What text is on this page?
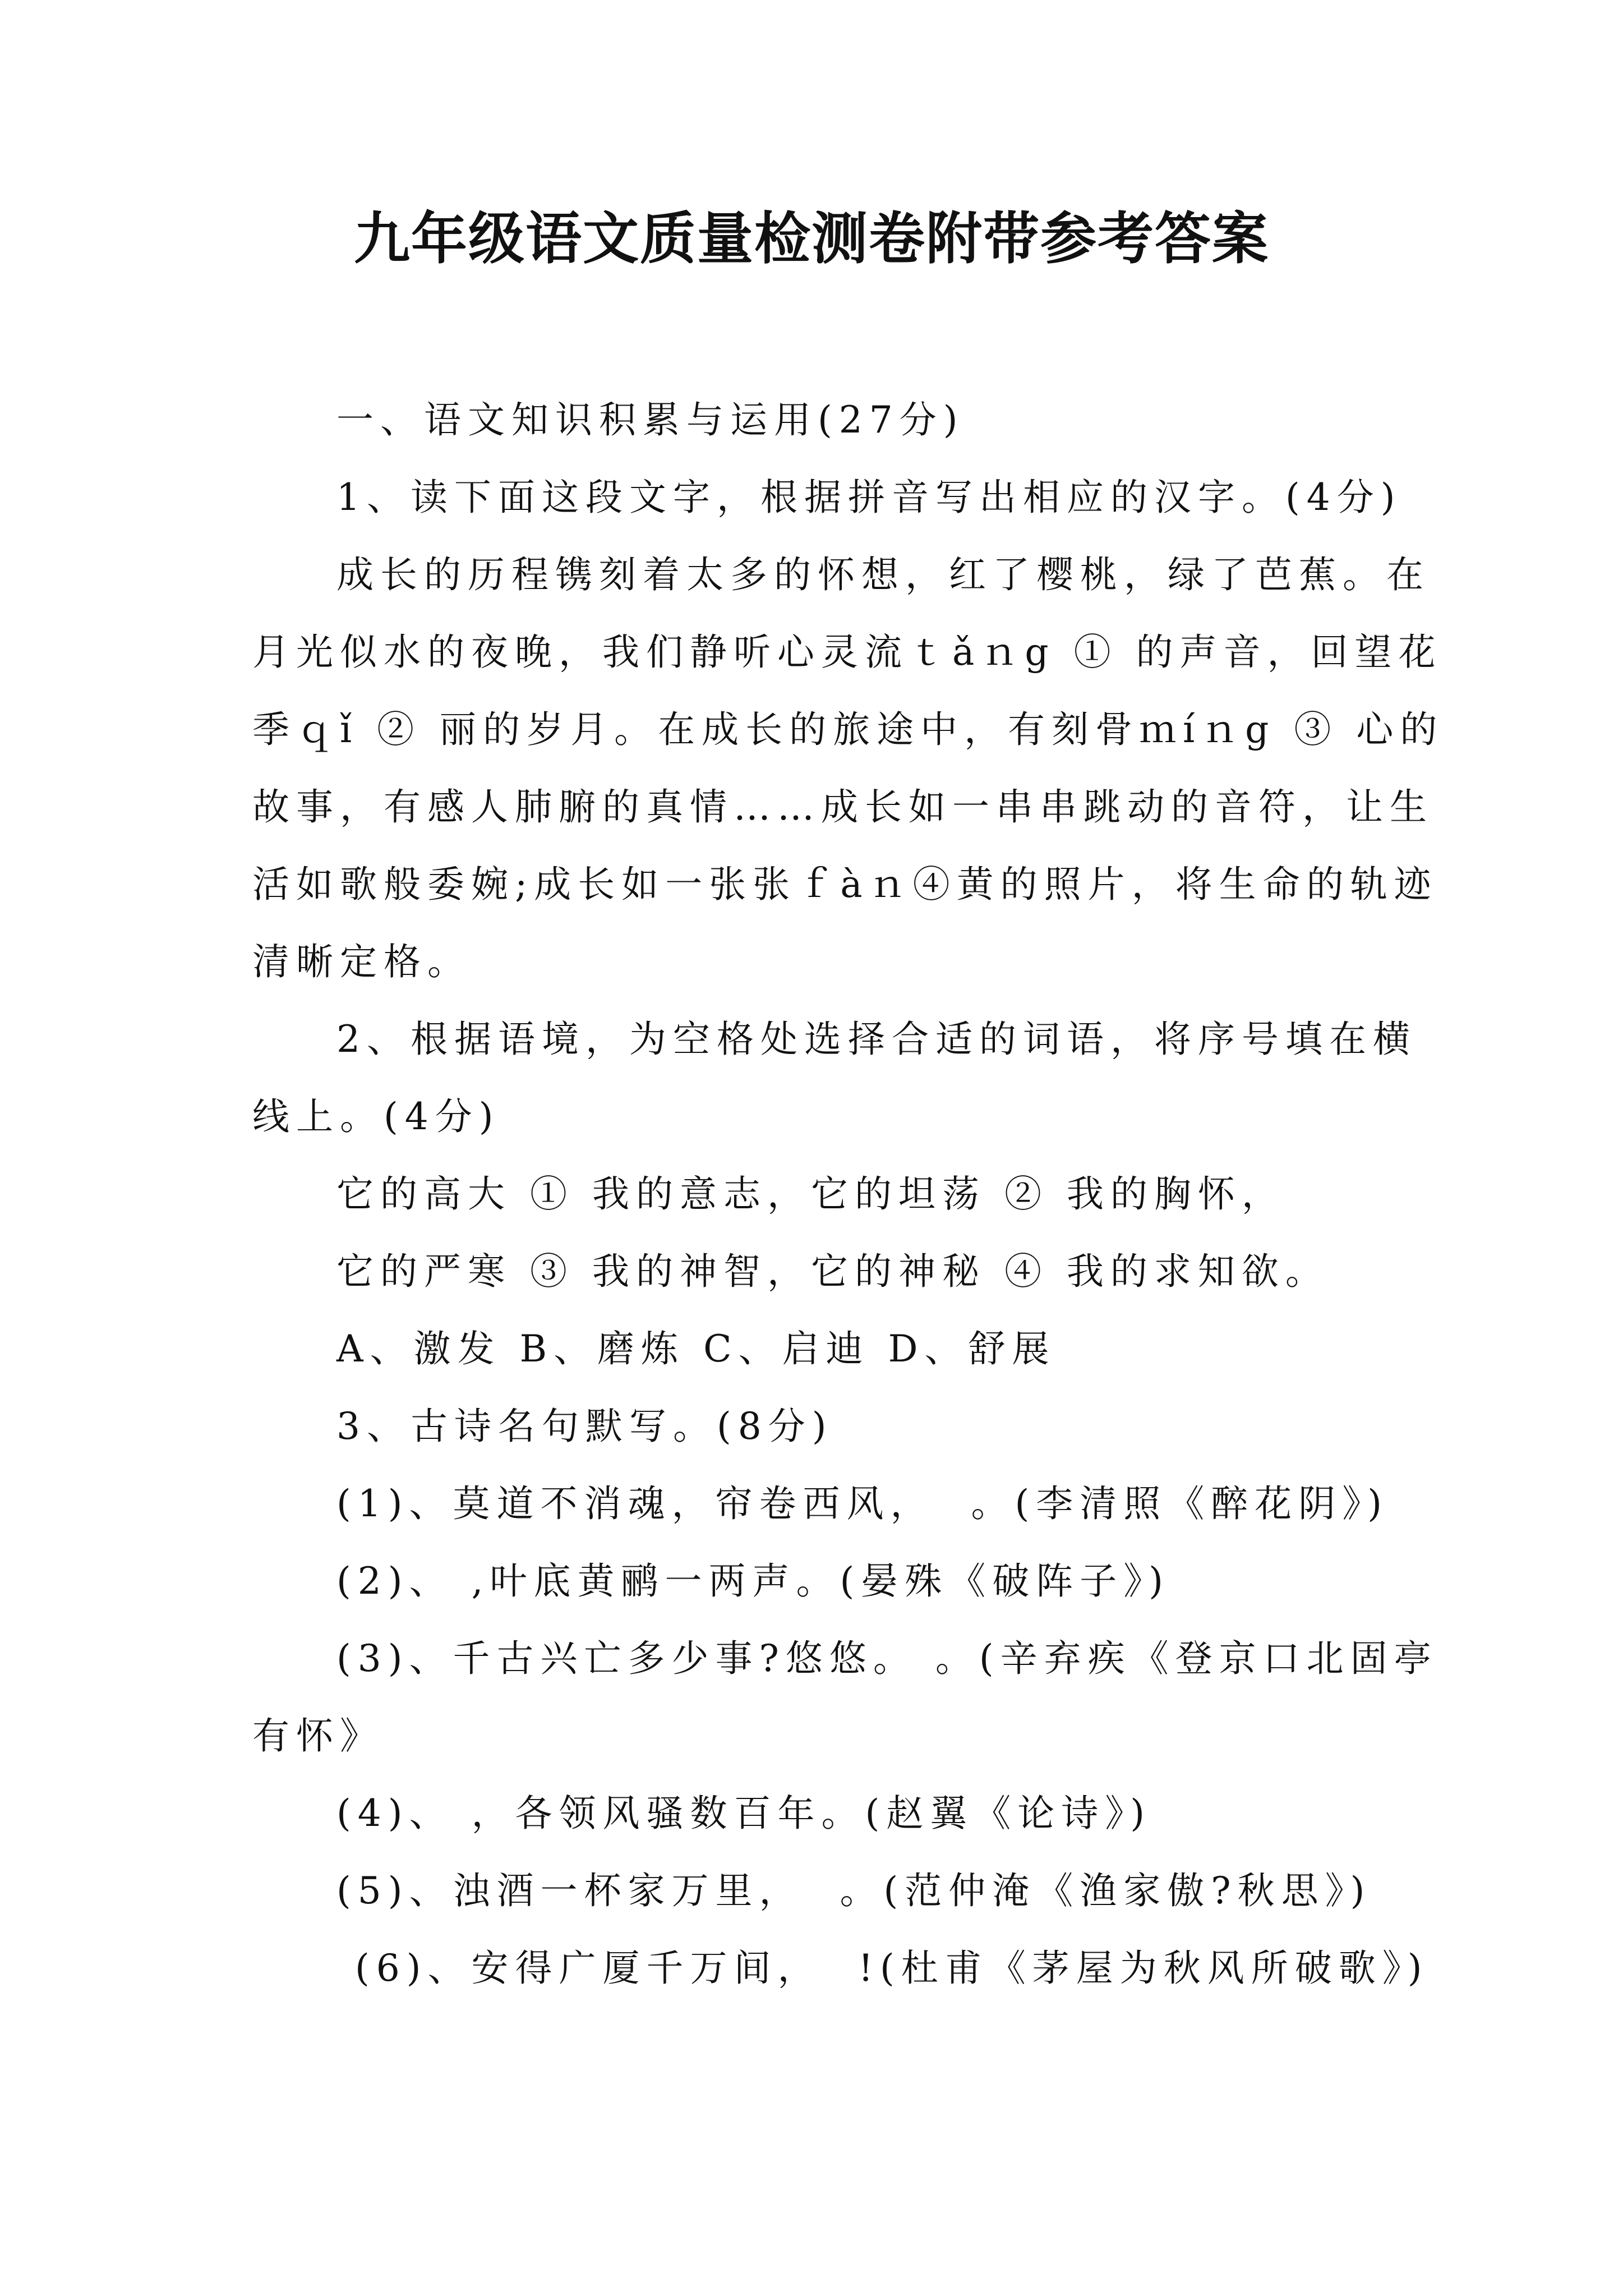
九年级语文质量检测卷附带参考答案

一、语文知识积累与运用(27分)

1、读下面这段文字，根据拼音写出相应的汉字。(4分)

成长的历程镌刻着太多的怀想，红了樱桃，绿了芭蕉。在月光似水的夜晚，我们静听心灵流ｔǎｎg ① 的声音，回望花季ｑǐ ② 丽的岁月。在成长的旅途中，有刻骨ｍíｎg ③ 心的故事，有感人肺腑的真情……成长如一串串跳动的音符，让生活如歌般委婉;成长如一张张ｆàｎ④黄的照片，将生命的轨迹清晰定格。

2、根据语境，为空格处选择合适的词语，将序号填在横线上。(4分)

它的高大 ① 我的意志，它的坦荡 ② 我的胸怀，

它的严寒 ③ 我的神智，它的神秘 ④ 我的求知欲。

A、激发 B、磨炼 C、启迪 D、舒展

3、古诗名句默写。(8分)

(1)、莫道不消魂，帘卷西风，  。(李清照《醉花阴》)

(2)、 ,叶底黄鹂一两声。(晏殊《破阵子》)

(3)、千古兴亡多少事?悠悠。 。(辛弃疾《登京口北固亭有怀》

(4)、 ，各领风骚数百年。(赵翼《论诗》)

(5)、浊酒一杯家万里，  。(范仲淹《渔家傲?秋思》)

(6)、安得广厦千万间，  !(杜甫《茅屋为秋风所破歌》)
